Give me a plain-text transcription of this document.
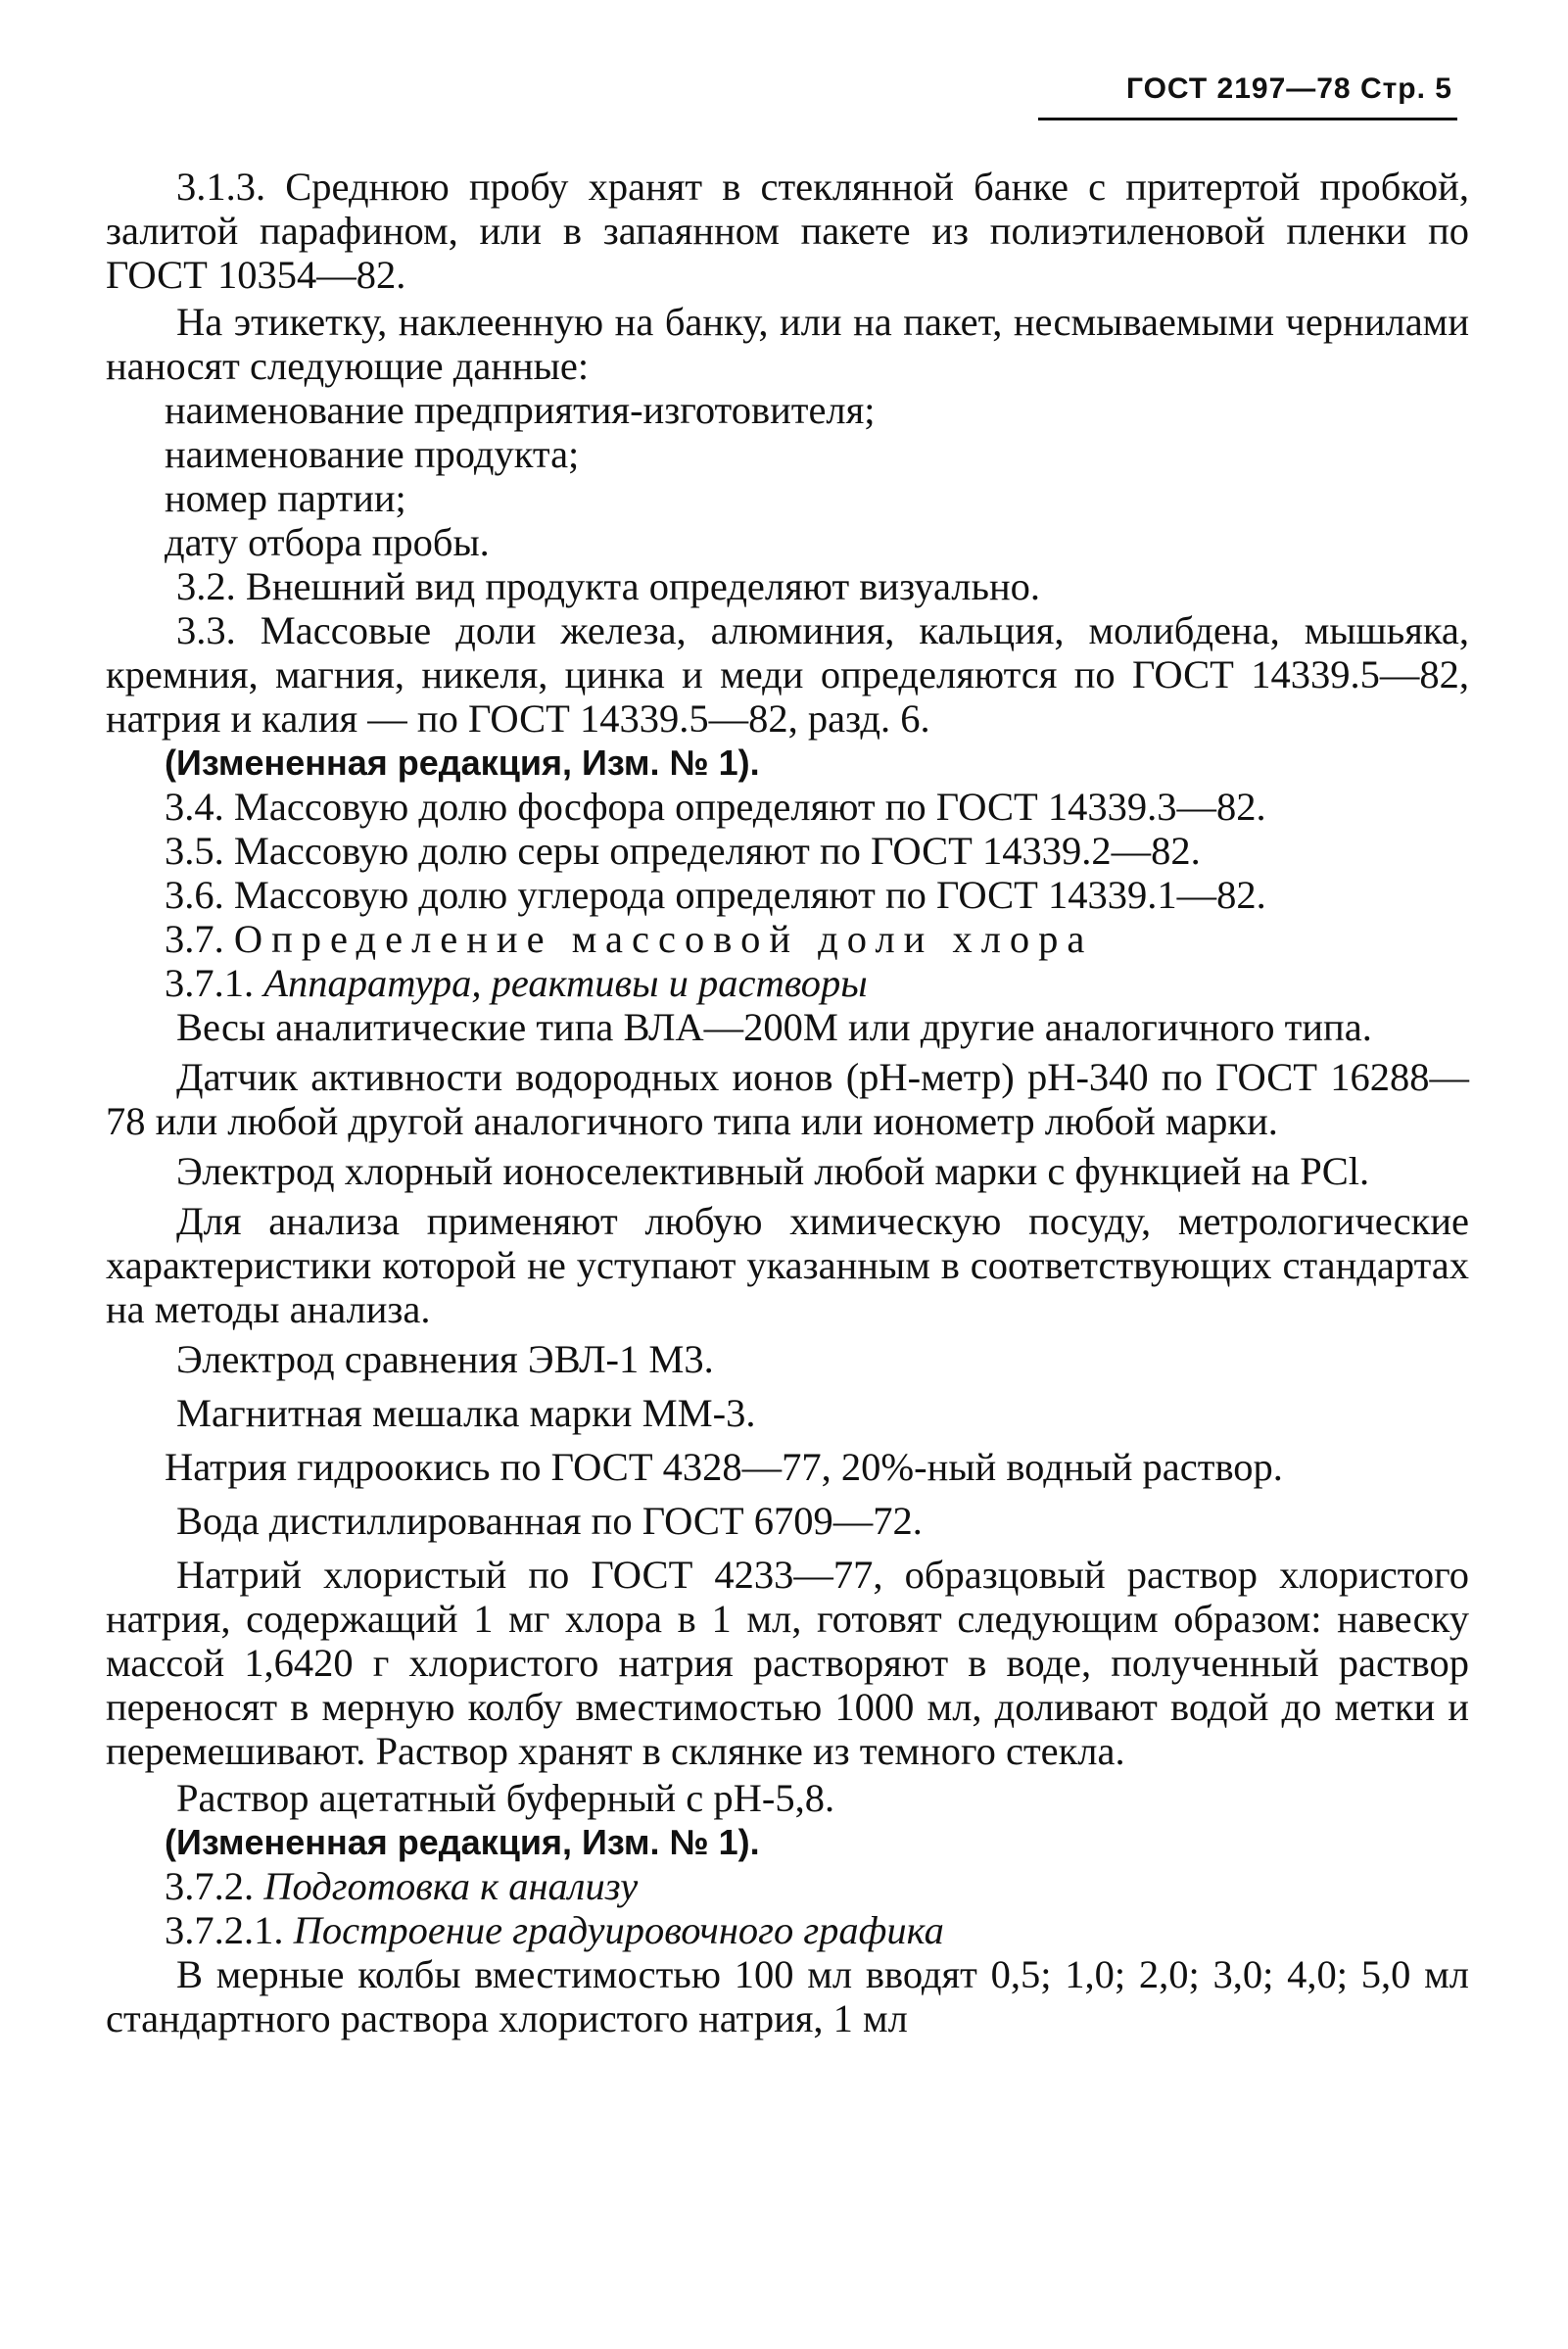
ГОСТ 2197—78 Стр. 5

3.1.3. Среднюю пробу хранят в стеклянной банке с притертой пробкой, залитой парафином, или в запаянном пакете из полиэтиленовой пленки по ГОСТ 10354—82.

На этикетку, наклеенную на банку, или на пакет, несмываемыми чернилами наносят следующие данные:

наименование предприятия-изготовителя;

наименование продукта;

номер партии;

дату отбора пробы.

3.2. Внешний вид продукта определяют визуально.

3.3. Массовые доли железа, алюминия, кальция, молибдена, мышьяка, кремния, магния, никеля, цинка и меди определяются по ГОСТ 14339.5—82, натрия и калия — по ГОСТ 14339.5—82, разд. 6.

(Измененная редакция, Изм. № 1).

3.4. Массовую долю фосфора определяют по ГОСТ 14339.3—82.

3.5. Массовую долю серы определяют по ГОСТ 14339.2—82.

3.6. Массовую долю углерода определяют по ГОСТ 14339.1—82.

3.7. Определение массовой доли хлора

3.7.1. Аппаратура, реактивы и растворы

Весы аналитические типа ВЛА—200М или другие аналогичного типа.

Датчик активности водородных ионов (рН-метр) рН-340 по ГОСТ 16288—78 или любой другой аналогичного типа или ионометр любой марки.

Электрод хлорный ионоселективный любой марки с функцией на РCl.

Для анализа применяют любую химическую посуду, метрологические характеристики которой не уступают указанным в соответствующих стандартах на методы анализа.

Электрод сравнения ЭВЛ-1 М3.

Магнитная мешалка марки ММ-3.

Натрия гидроокись по ГОСТ 4328—77, 20%-ный водный раствор.

Вода дистиллированная по ГОСТ 6709—72.

Натрий хлористый по ГОСТ 4233—77, образцовый раствор хлористого натрия, содержащий 1 мг хлора в 1 мл, готовят следующим образом: навеску массой 1,6420 г хлористого натрия растворяют в воде, полученный раствор переносят в мерную колбу вместимостью 1000 мл, доливают водой до метки и перемешивают. Раствор хранят в склянке из темного стекла.

Раствор ацетатный буферный с рН-5,8.

(Измененная редакция, Изм. № 1).

3.7.2. Подготовка к анализу

3.7.2.1. Построение градуировочного графика

В мерные колбы вместимостью 100 мл вводят 0,5; 1,0; 2,0; 3,0; 4,0; 5,0 мл стандартного раствора хлористого натрия, 1 мл
